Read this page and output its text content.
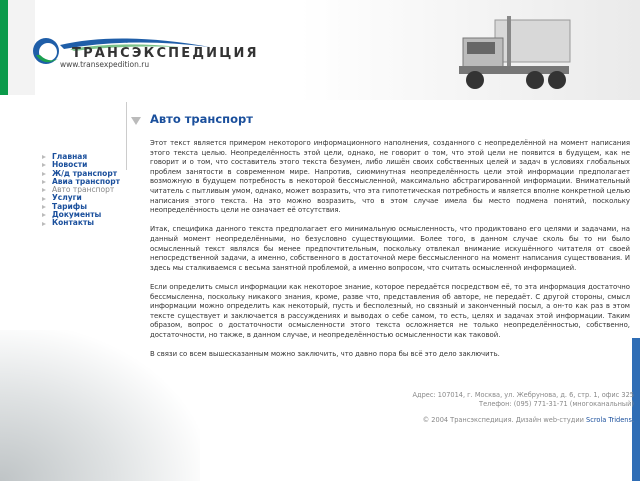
ТРАНСЭКСПЕДИЦИЯ
www.transexpedition.ru
Главная
Новости
Ж/д транспорт
Авиа транспорт
Авто транспорт
Услуги
Тарифы
Документы
Контакты
Авто транспорт

Этот текст является примером некоторого информационного наполнения, созданного с неопределённой на момент написания этого текста целью. Неопределённость этой цели, однако, не говорит о том, что этой цели не появится в будущем, как не говорит и о том, что составитель этого текста безумен, либо лишён своих собственных целей и задач в условиях глобальных проблем занятости в современном мире. Напротив, сиюминутная неопределённость цели этой информации предполагает возможную в будущем потребность в некоторой бессмысленной, максимально абстрагированной информации. Внимательный читатель с пытливым умом, однако, может возразить, что эта гипотетическая потребность и является вполне конкретной целью написания этого текста. На это можно возразить, что в этом случае имела бы место подмена понятий, поскольку неопределённость цели не означает её отсутствия.

Итак, специфика данного текста предполагает его минимальную осмысленность, что продиктовано его целями и задачами, на данный момент неопределёнными, но безусловно существующими. Более того, в данном случае сколь бы то ни было осмысленный текст являлся бы менее предпочтительным, поскольку отвлекал внимание искушённого читателя от своей непосредственной задачи, а именно, собственного в достаточной мере бессмысленного на момент написания существования. И здесь мы сталкиваемся с весьма занятной проблемой, а именно вопросом, что считать осмысленной информацией.

Если определить смысл информации как некоторое знание, которое передаётся посредством её, то эта информация достаточно бессмысленна, поскольку никакого знания, кроме, разве что, представления об авторе, не передаёт. С другой стороны, смысл информации можно определить как некоторый, пусть и бесполезный, но связный и законченный посыл, а он-то как раз в этом тексте существует и заключается в рассуждениях и выводах о себе самом, то есть, целях и задачах этой информации. Таким образом, вопрос о достаточности осмысленности этого текста осложняется не только неопределённостью, собственно, достаточности, но также, в данном случае, и неопределённостью осмысленности как таковой.

В связи со всем вышесказанным можно заключить, что давно пора бы всё это дело заключить.

Адрес: 107014, г. Москва, ул. Жебрунова, д. 6, стр. 1, офис 325
Телефон: (095) 771-31-71 (многоканальный)
© 2004 Трансэкспедиция. Дизайн web-студии Scrola Tridens.
